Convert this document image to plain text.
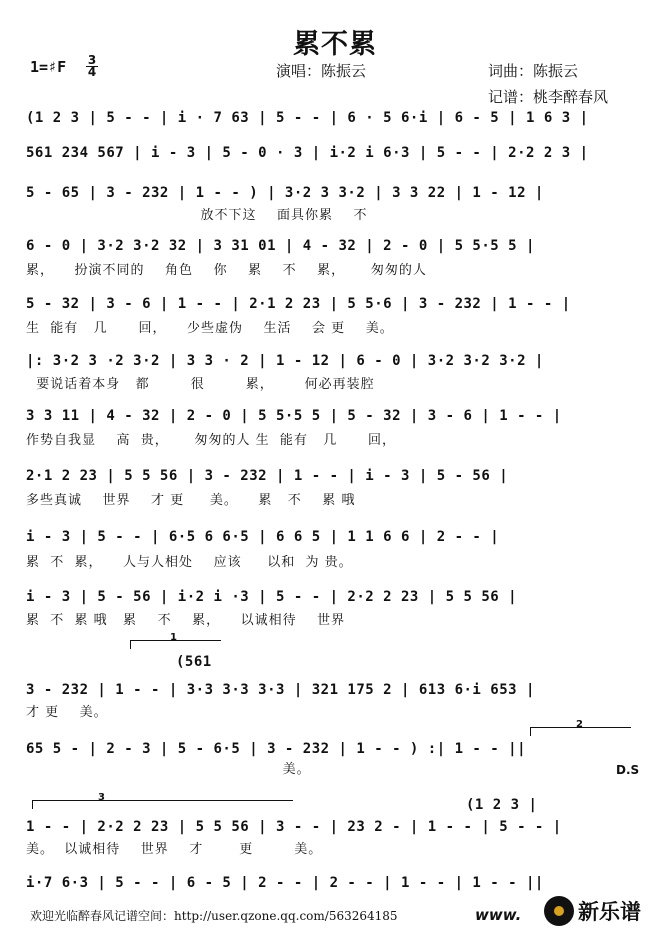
累不累
1=♯F 3
4	演唱：陈振云	词曲：陈振云
记谱：桃李醉春风
(1 2 3 | 5 - - | i · 7 63 | 5 - - | 6 · 5 6·i | 6 - 5 | 1 6 3 |
561 234 567 | i - 3 | 5 - 0 · 3 | i·2 i 6·3 | 5 - - | 2·2 2 3 |
5 - 65 | 3 - 232 | 1 - - ) | 3·2 3 3·2 | 3 3 22 | 1 - 12 |
放不下这    面具你累    不
6 - 0 | 3·2 3·2 32 | 3 31 01 | 4 - 32 | 2 - 0 | 5 5·5 5 |
累，    扮演不同的    角色    你    累    不    累，     匆匆的人
5 - 32 | 3 - 6 | 1 - - | 2·1 2 23 | 5 5·6 | 3 - 232 | 1 - - |
生  能有   几      回，    少些虚伪    生活    会 更    美。
|: 3·2 3 ·2 3·2 | 3 3 · 2 | 1 - 12 | 6 - 0 | 3·2 3·2 3·2 |
要说话着本身   都        很        累，      何必再装腔
3 3 11 | 4 - 32 | 2 - 0 | 5 5·5 5 | 5 - 32 | 3 - 6 | 1 - - |
作势自我显    高  贵，     匆匆的人 生  能有   几      回，
2·1 2 23 | 5 5 56 | 3 - 232 | 1 - - | i - 3 | 5 - 56 |
多些真诚    世界    才 更     美。    累   不    累 哦
i - 3 | 5 - - | 6·5 6 6·5 | 6 6 5 | 1 1 6 6 | 2 - - |
累  不  累，    人与人相处    应该     以和  为 贵。
i - 3 | 5 - 56 | i·2 i ·3 | 5 - - | 2·2 2 23 | 5 5 56 |
累  不  累 哦   累    不    累，    以诚相待    世界
1
(561
3 - 232 | 1 - - | 3·3 3·3 3·3 | 321 175 2 | 613 6·i 653 |
才 更    美。
2
65 5 - | 2 - 3 | 5 - 6·5 | 3 - 232 | 1 - - ) :| 1 - - ||
美。	D.S
3	(1 2 3 |
1 - - | 2·2 2 23 | 5 5 56 | 3 - - | 23 2 - | 1 - - | 5 - - |
美。  以诚相待    世界    才       更        美。
i·7 6·3 | 5 - - | 6 - 5 | 2 - - | 2 - - | 1 - - | 1 - - ||
欢迎光临醉春风记谱空间：http://user.qzone.qq.com/563264185	www.	新乐谱
